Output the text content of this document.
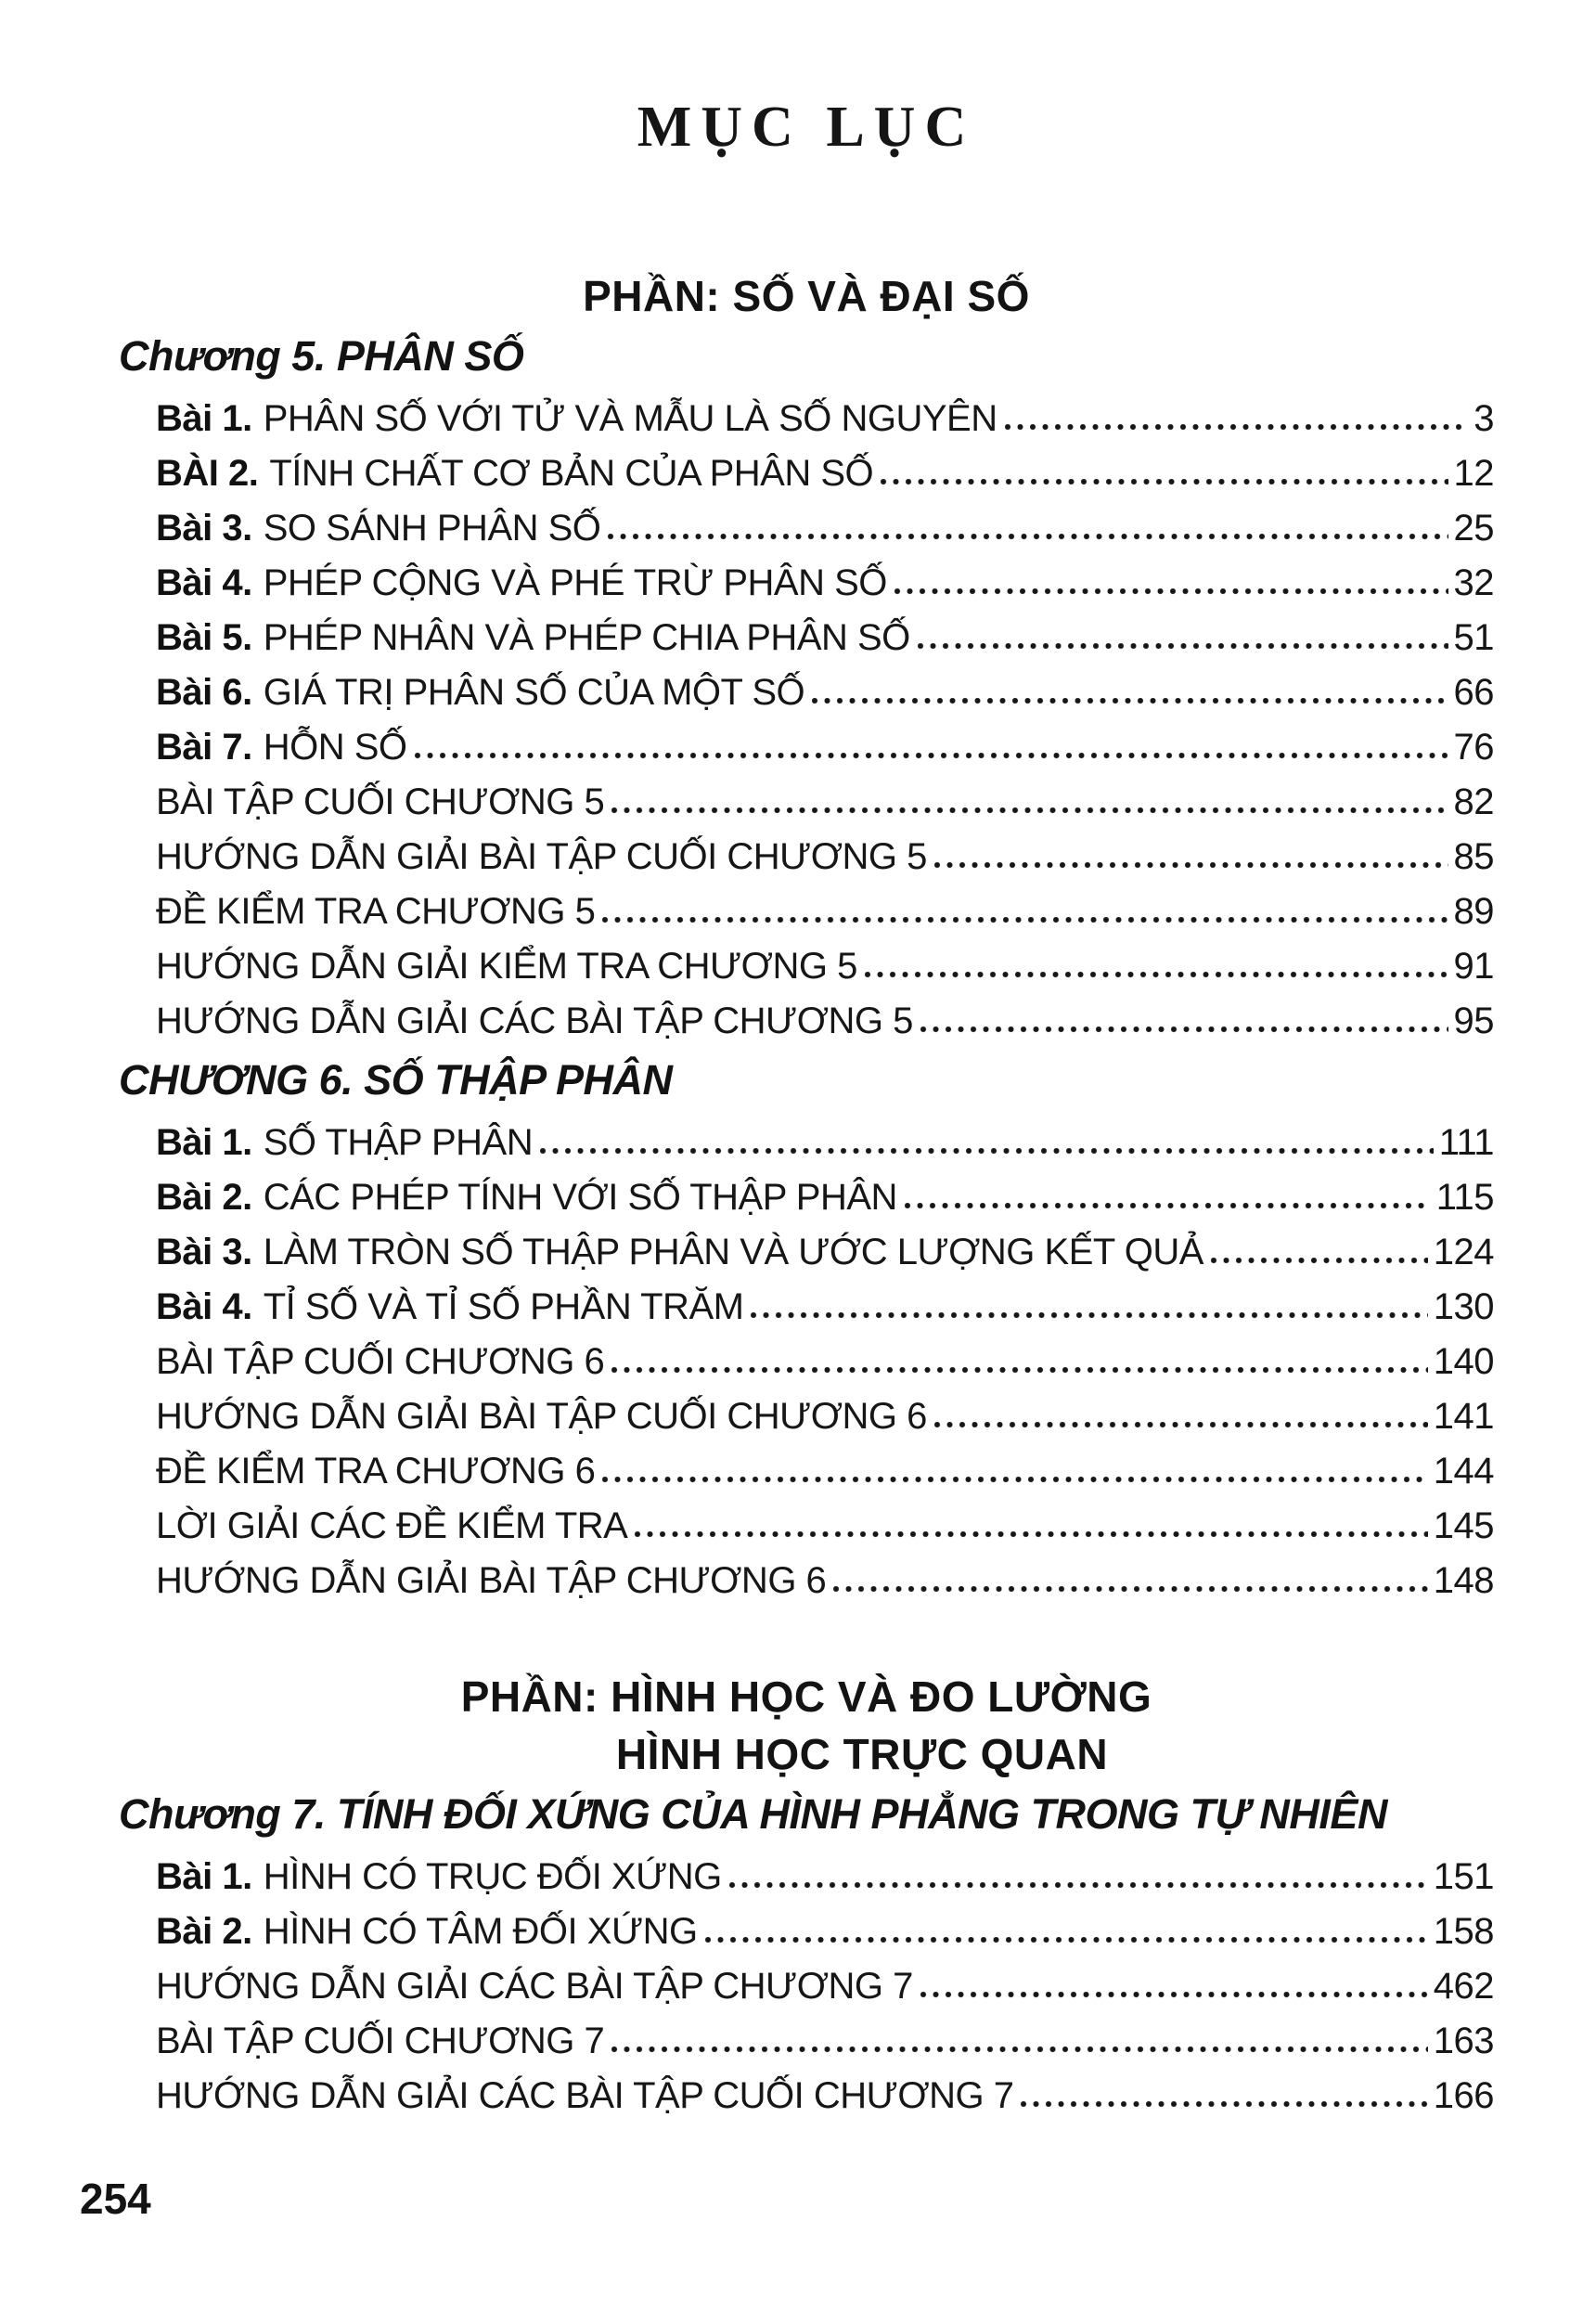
MỤC LỤC
PHẦN: SỐ VÀ ĐẠI SỐ
Chương 5. PHÂN SỐ
Bài 1. PHÂN SỐ VỚI TỬ VÀ MẪU LÀ SỐ NGUYÊN	3
BÀI 2. TÍNH CHẤT CƠ BẢN CỦA PHÂN SỐ	12
Bài 3. SO SÁNH PHÂN SỐ	25
Bài 4. PHÉP CỘNG VÀ PHÉ TRỪ PHÂN SỐ	32
Bài 5. PHÉP NHÂN VÀ PHÉP CHIA PHÂN SỐ	51
Bài 6. GIÁ TRỊ PHÂN SỐ CỦA MỘT SỐ	66
Bài 7. HỖN SỐ	76
BÀI TẬP CUỐI CHƯƠNG 5	82
HƯỚNG DẪN GIẢI BÀI TẬP CUỐI CHƯƠNG 5	85
ĐỀ KIỂM TRA CHƯƠNG 5	89
HƯỚNG DẪN GIẢI KIỂM TRA CHƯƠNG 5	91
HƯỚNG DẪN GIẢI CÁC BÀI TẬP CHƯƠNG 5	95
CHƯƠNG 6. SỐ THẬP PHÂN
Bài 1. SỐ THẬP PHÂN	111
Bài 2. CÁC PHÉP TÍNH VỚI SỐ THẬP PHÂN	115
Bài 3. LÀM TRÒN SỐ THẬP PHÂN VÀ ƯỚC LƯỢNG KẾT QUẢ	124
Bài 4. TỈ SỐ VÀ TỈ SỐ PHẦN TRĂM	130
BÀI TẬP CUỐI CHƯƠNG 6	140
HƯỚNG DẪN GIẢI BÀI TẬP CUỐI CHƯƠNG 6	141
ĐỀ KIỂM TRA CHƯƠNG 6	144
LỜI GIẢI CÁC ĐỀ KIỂM TRA	145
HƯỚNG DẪN GIẢI BÀI TẬP CHƯƠNG 6	148
PHẦN: HÌNH HỌC VÀ ĐO LƯỜNG
HÌNH HỌC TRỰC QUAN
Chương 7. TÍNH ĐỐI XỨNG CỦA HÌNH PHẲNG TRONG TỰ NHIÊN
Bài 1. HÌNH CÓ TRỤC ĐỐI XỨNG	151
Bài 2. HÌNH CÓ TÂM ĐỐI XỨNG	158
HƯỚNG DẪN GIẢI CÁC BÀI TẬP CHƯƠNG 7	462
BÀI TẬP CUỐI CHƯƠNG 7	163
HƯỚNG DẪN GIẢI CÁC BÀI TẬP CUỐI CHƯƠNG 7	166
254
